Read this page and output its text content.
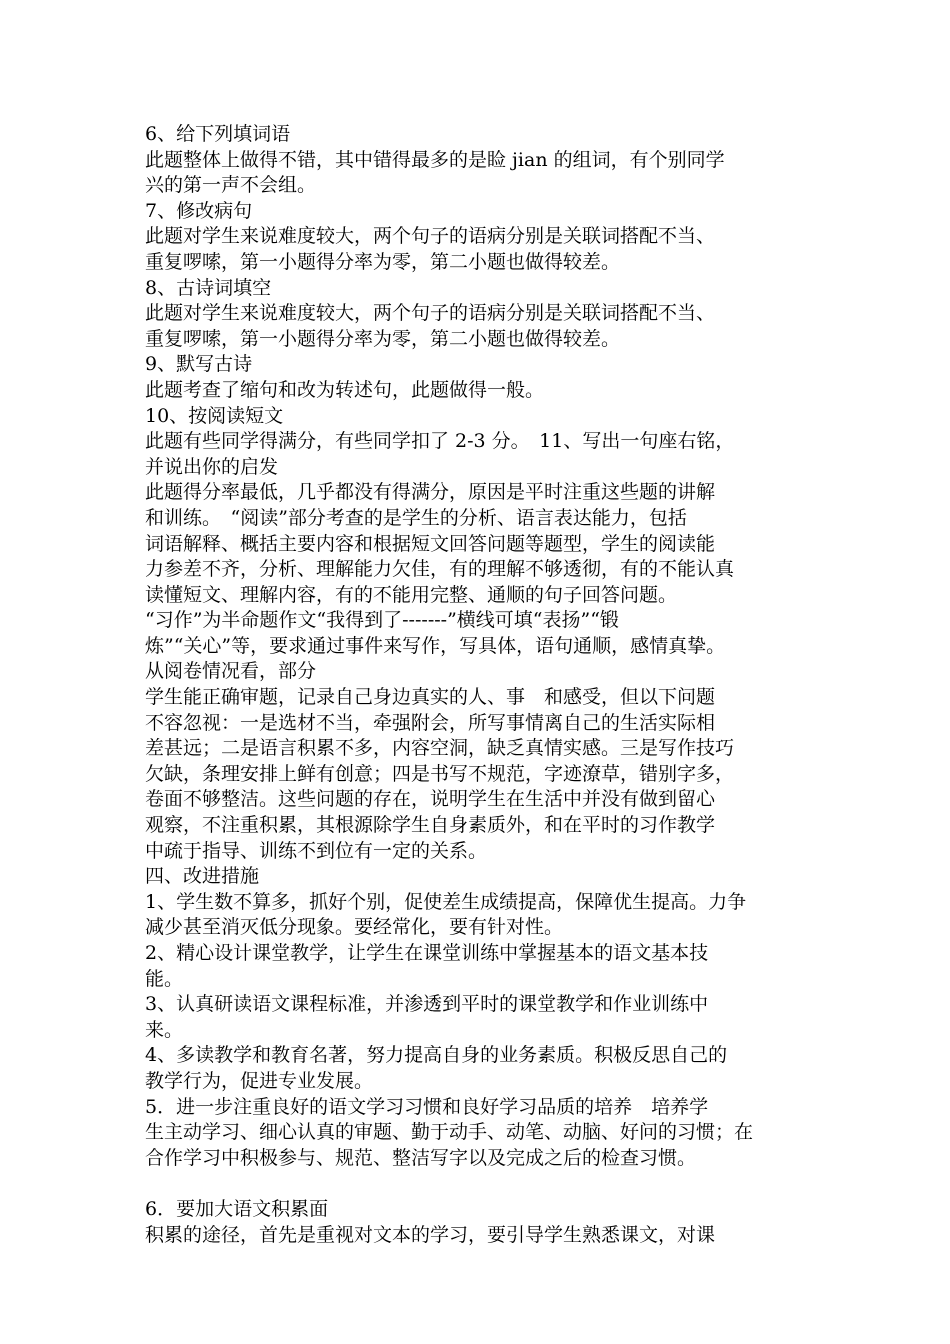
6、给下列填词语
此题整体上做得不错，其中错得最多的是睑 jian 的组词，有个别同学
兴的第一声不会组。
7、修改病句
此题对学生来说难度较大，两个句子的语病分别是关联词搭配不当、
重复啰嗦，第一小题得分率为零，第二小题也做得较差。
8、古诗词填空
此题对学生来说难度较大，两个句子的语病分别是关联词搭配不当、
重复啰嗦，第一小题得分率为零，第二小题也做得较差。
9、默写古诗
此题考查了缩句和改为转述句，此题做得一般。
10、按阅读短文
此题有些同学得满分，有些同学扣了 2-3 分。　11、写出一句座右铭，
并说出你的启发
此题得分率最低，几乎都没有得满分，原因是平时注重这些题的讲解
和训练。　“阅读”部分考查的是学生的分析、语言表达能力，包括
词语解释、概括主要内容和根据短文回答问题等题型，学生的阅读能
力参差不齐，分析、理解能力欠佳，有的理解不够透彻，有的不能认真
读懂短文、理解内容，有的不能用完整、通顺的句子回答问题。
“习作”为半命题作文“我得到了-------”横线可填“表扬”“锻
炼”“关心”等，要求通过事件来写作，写具体，语句通顺，感情真挚。
从阅卷情况看，部分
学生能正确审题，记录自己身边真实的人、事　和感受，但以下问题
不容忽视：一是选材不当，牵强附会，所写事情离自己的生活实际相
差甚远；二是语言积累不多，内容空洞，缺乏真情实感。三是写作技巧
欠缺，条理安排上鲜有创意；四是书写不规范，字迹潦草，错别字多，
卷面不够整洁。这些问题的存在，说明学生在生活中并没有做到留心
观察，不注重积累，其根源除学生自身素质外，和在平时的习作教学
中疏于指导、训练不到位有一定的关系。
四、改进措施
1、学生数不算多，抓好个别，促使差生成绩提高，保障优生提高。力争
减少甚至消灭低分现象。要经常化，要有针对性。
2、精心设计课堂教学，让学生在课堂训练中掌握基本的语文基本技
能。
3、认真研读语文课程标准，并渗透到平时的课堂教学和作业训练中
来。
4、多读教学和教育名著，努力提高自身的业务素质。积极反思自己的
教学行为，促进专业发展。
5．进一步注重良好的语文学习习惯和良好学习品质的培养　培养学
生主动学习、细心认真的审题、勤于动手、动笔、动脑、好问的习惯；在
合作学习中积极参与、规范、整洁写字以及完成之后的检查习惯。
6．要加大语文积累面
积累的途径，首先是重视对文本的学习，要引导学生熟悉课文，对课
